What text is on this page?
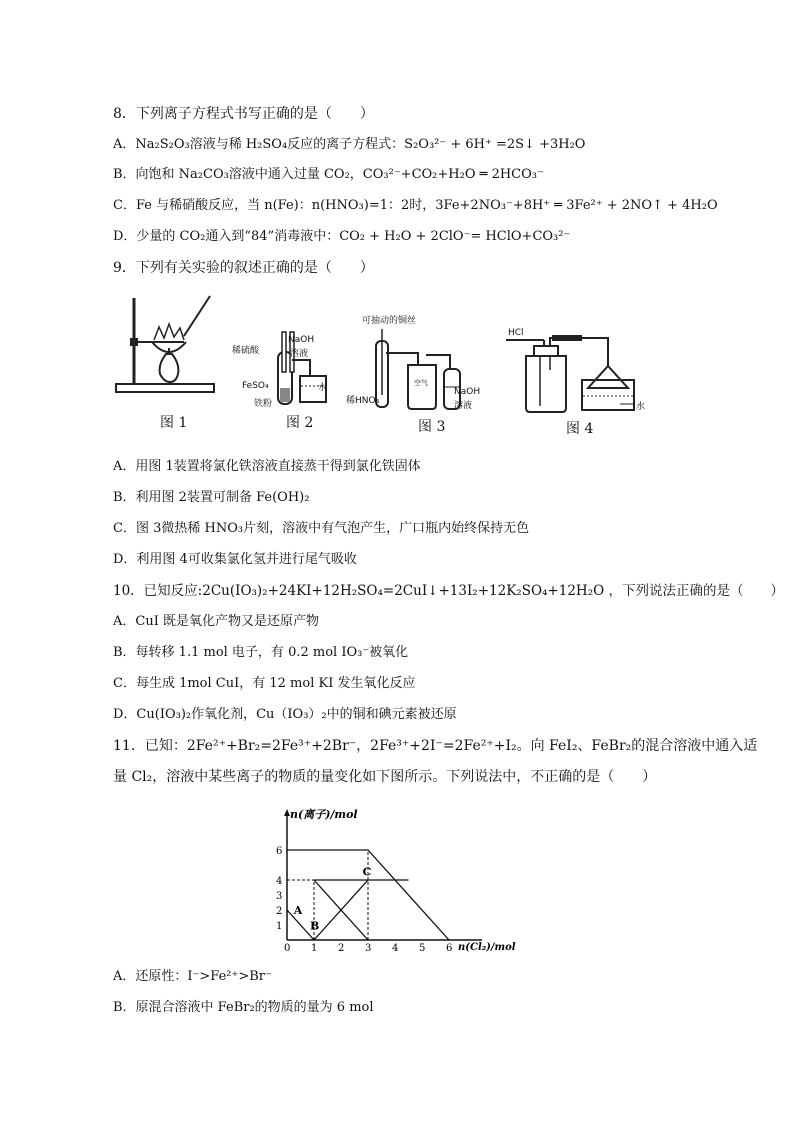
8．下列离子方程式书写正确的是（　　）
A．Na₂S₂O₃溶液与稀 H₂SO₄反应的离子方程式：S₂O₃²⁻ + 6H⁺ =2S↓ +3H₂O
B．向饱和 Na₂CO₃溶液中通入过量 CO₂，CO₃²⁻+CO₂+H₂O ═ 2HCO₃⁻
C．Fe 与稀硝酸反应，当 n(Fe)：n(HNO₃)=1：2时，3Fe+2NO₃⁻+8H⁺ ═ 3Fe²⁺ + 2NO↑ + 4H₂O
D．少量的 CO₂通入到“84”消毒液中：CO₂ + H₂O + 2ClO⁻= HClO+CO₃²⁻
9．下列有关实验的叙述正确的是（　　）
图 1
稀硫酸
NaOH
溶液
FeSO₄
铁粉
水
图 2
可抽动的铜丝
稀HNO₃
空气
NaOH
溶液
图 3
HCl
水
图 4
A．用图 1装置将氯化铁溶液直接蒸干得到氯化铁固体
B．利用图 2装置可制备 Fe(OH)₂
C．图 3微热稀 HNO₃片刻，溶液中有气泡产生，广口瓶内始终保持无色
D．利用图 4可收集氯化氢并进行尾气吸收
10．已知反应:2Cu(IO₃)₂+24KI+12H₂SO₄=2CuI↓+13I₂+12K₂SO₄+12H₂O ，下列说法正确的是（　　）
A．CuI 既是氧化产物又是还原产物
B．每转移 1.1 mol 电子，有 0.2 mol IO₃⁻被氧化
C．每生成 1mol CuI，有 12 mol KI 发生氧化反应
D．Cu(IO₃)₂作氧化剂，Cu（IO₃）₂中的铜和碘元素被还原
11．已知：2Fe²⁺+Br₂=2Fe³⁺+2Br⁻，2Fe³⁺+2I⁻=2Fe²⁺+I₂。向 FeI₂、FeBr₂的混合溶液中通入适
量 Cl₂，溶液中某些离子的物质的量变化如下图所示。下列说法中，不正确的是（　　）
1
2
3
4
6
0 1 2 3 4 5 6
A
B
C
n(离子)/mol
n(Cl₂)/mol
A．还原性：I⁻>Fe²⁺>Br⁻
B．原混合溶液中 FeBr₂的物质的量为 6 mol
